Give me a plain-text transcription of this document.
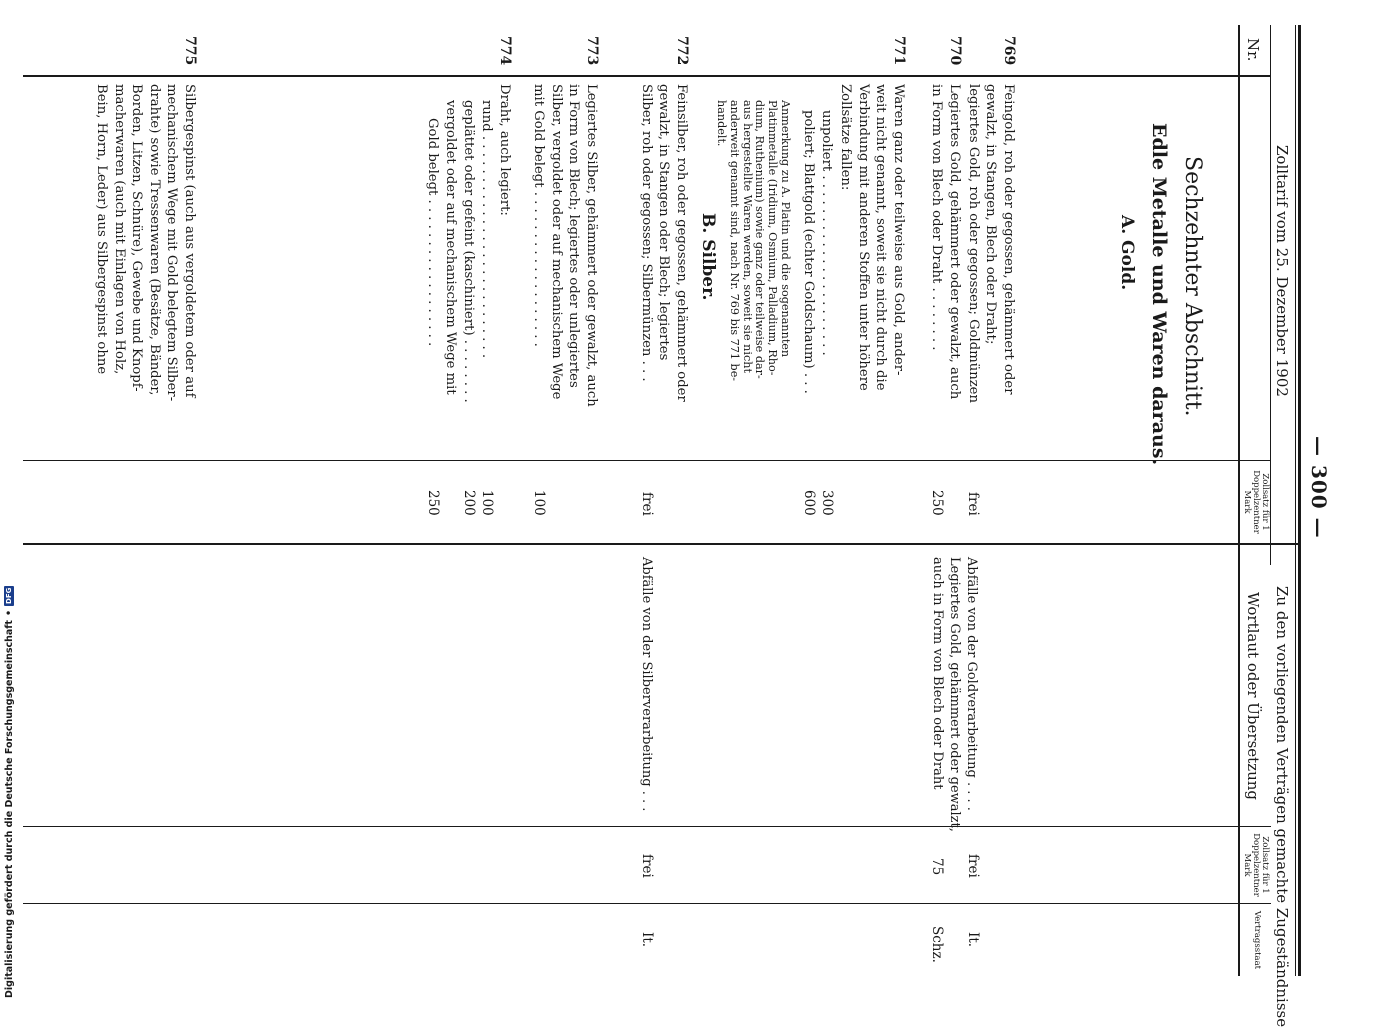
— 300 —
Zolltarif vom 25. Dezember 1902
Zu den vorliegenden Verträgen gemachte Zugeständnisse
Nr.
Zollsatz für 1 Doppelzentner
Mark
Wortlaut oder Übersetzung
Zollsatz für 1 Doppelzentner
Mark
Vertragsstaat
Sechzehnter Abschnitt.
Edle Metalle und Waren daraus.
A. Gold.
769
Feingold, roh oder gegossen, gehämmert oder
gewalzt, in Stangen, Blech oder Draht;
legiertes Gold, roh oder gegossen; Goldmünzen
frei
Abfälle von der Goldverarbeitung . . . .
frei
It.
770
Legiertes Gold, gehämmert oder gewalzt, auch
in Form von Blech oder Draht . . . . . . . .
250
Legiertes Gold, gehämmert oder gewalzt,
auch in Form von Blech oder Draht
75
Schz.
771
Waren ganz oder teilweise aus Gold, ander-
weit nicht genannt, soweit sie nicht durch die
Verbindung mit anderen Stoffen unter höhere
Zollsätze fallen:
unpoliert . . . . . . . . . . . . . . . . . . . . . .
300
poliert; Blattgold (echter Goldschaum) . . .
600
Anmerkung zu A. Platin und die sogenannten
Platinmetalle (Iridium, Osmium, Palladium, Rho-
dium, Ruthenium) sowie ganz oder teilweise dar-
aus hergestellte Waren werden, soweit sie nicht
anderweit genannt sind, nach Nr. 769 bis 771 be-
handelt.
B. Silber.
772
Feinsilber, roh oder gegossen, gehämmert oder
gewalzt, in Stangen oder Blech; legiertes
Silber, roh oder gegossen; Silbermünzen . . .
frei
Abfälle von der Silberverarbeitung . . .
frei
It.
773
Legiertes Silber, gehämmert oder gewalzt, auch
in Form von Blech; legiertes oder unlegiertes
Silber, vergoldet oder auf mechanischem Wege
mit Gold belegt . . . . . . . . . . . . . . . . . . .
100
774
Draht, auch legiert:
rund . . . . . . . . . . . . . . . . . . . . . . . . . . .
100
geplättet oder gefeint (kaschiniert) . . . . . . . .
200
vergoldet oder auf mechanischem Wege mit
Gold belegt . . . . . . . . . . . . . . . . . .
250
775
Silbergespinst (auch aus vergoldetem oder auf
mechanischem Wege mit Gold belegtem Silber-
drahte) sowie Tressenwaren (Besätze, Bänder,
Borden, Litzen, Schnüre), Gewebe und Knopf-
macherwaren (auch mit Einlagen von Holz,
Bein, Horn, Leder) aus Silbergespinst ohne
Digitalisierung gefördert durch die Deutsche Forschungsgemeinschaft
•
DFG
